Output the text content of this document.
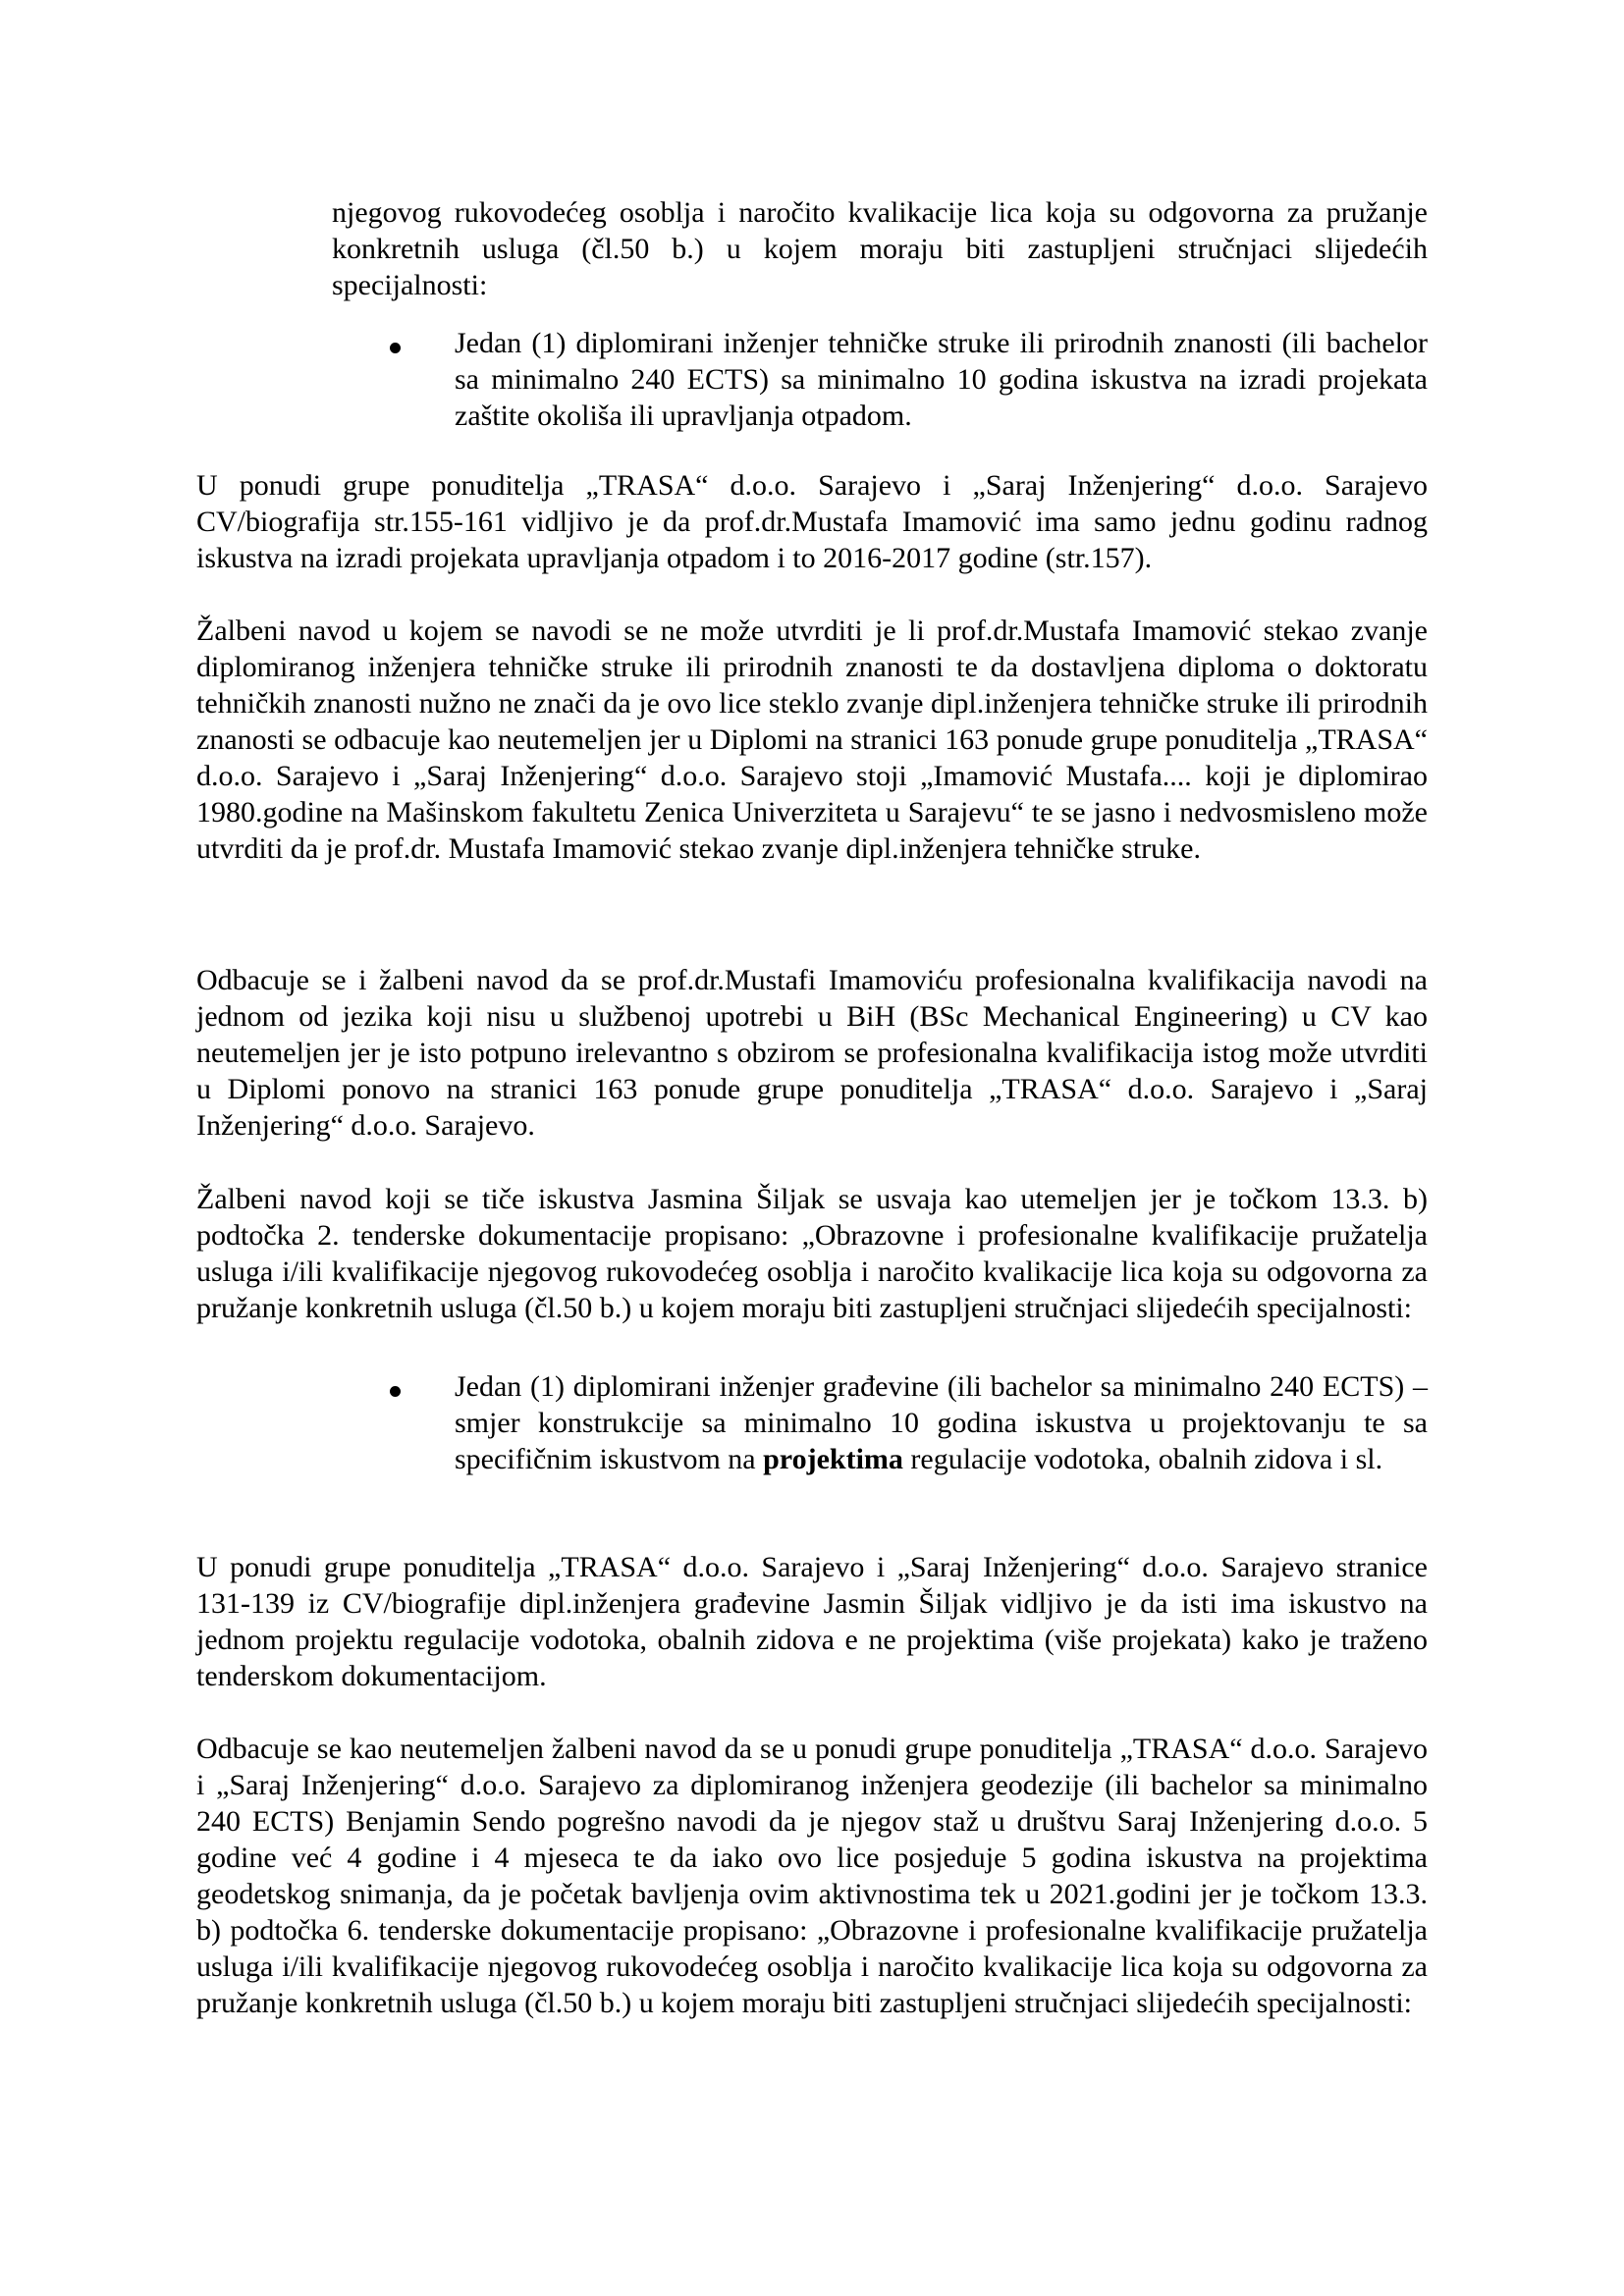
njegovog rukovodećeg osoblja i naročito kvalikacije lica koja su odgovorna za pružanje konkretnih usluga (čl.50 b.) u kojem moraju biti zastupljeni stručnjaci slijedećih specijalnosti:

Jedan (1) diplomirani inženjer tehničke struke ili prirodnih znanosti (ili bachelor sa minimalno 240 ECTS) sa minimalno 10 godina iskustva na izradi projekata zaštite okoliša ili upravljanja otpadom.

U ponudi grupe ponuditelja „TRASA“ d.o.o. Sarajevo i „Saraj Inženjering“ d.o.o. Sarajevo CV/biografija str.155-161 vidljivo je da prof.dr.Mustafa Imamović ima samo jednu godinu radnog iskustva na izradi projekata upravljanja otpadom i to 2016-2017 godine (str.157).

Žalbeni navod u kojem se navodi se ne može utvrditi je li prof.dr.Mustafa Imamović stekao zvanje diplomiranog inženjera tehničke struke ili prirodnih znanosti te da dostavljena diploma o doktoratu tehničkih znanosti nužno ne znači da je ovo lice steklo zvanje dipl.inženjera tehničke struke ili prirodnih znanosti se odbacuje kao neutemeljen jer u Diplomi na stranici 163 ponude grupe ponuditelja „TRASA“ d.o.o. Sarajevo i „Saraj Inženjering“ d.o.o. Sarajevo stoji „Imamović Mustafa.... koji je diplomirao 1980.godine na Mašinskom fakultetu Zenica Univerziteta u Sarajevu“ te se jasno i nedvosmisleno može utvrditi da je prof.dr. Mustafa Imamović stekao zvanje dipl.inženjera tehničke struke.

Odbacuje se i žalbeni navod da se prof.dr.Mustafi Imamoviću profesionalna kvalifikacija navodi na jednom od jezika koji nisu u službenoj upotrebi u BiH (BSc Mechanical Engineering) u CV kao neutemeljen jer je isto potpuno irelevantno s obzirom se profesionalna kvalifikacija istog može utvrditi u Diplomi ponovo na stranici 163 ponude grupe ponuditelja „TRASA“ d.o.o. Sarajevo i „Saraj Inženjering“ d.o.o. Sarajevo.

Žalbeni navod koji se tiče iskustva Jasmina Šiljak se usvaja kao utemeljen jer je točkom 13.3. b) podtočka 2. tenderske dokumentacije propisano: „Obrazovne i profesionalne kvalifikacije pružatelja usluga i/ili kvalifikacije njegovog rukovodećeg osoblja i naročito kvalikacije lica koja su odgovorna za pružanje konkretnih usluga (čl.50 b.) u kojem moraju biti zastupljeni stručnjaci slijedećih specijalnosti:

Jedan (1) diplomirani inženjer građevine (ili bachelor sa minimalno 240 ECTS) – smjer konstrukcije sa minimalno 10 godina iskustva u projektovanju te sa specifičnim iskustvom na projektima regulacije vodotoka, obalnih zidova i sl.

U ponudi grupe ponuditelja „TRASA“ d.o.o. Sarajevo i „Saraj Inženjering“ d.o.o. Sarajevo stranice 131-139 iz CV/biografije dipl.inženjera građevine Jasmin Šiljak vidljivo je da isti ima iskustvo na jednom projektu regulacije vodotoka, obalnih zidova e ne projektima (više projekata) kako je traženo tenderskom dokumentacijom.

Odbacuje se kao neutemeljen žalbeni navod da se u ponudi grupe ponuditelja „TRASA“ d.o.o. Sarajevo i „Saraj Inženjering“ d.o.o. Sarajevo za diplomiranog inženjera geodezije (ili bachelor sa minimalno 240 ECTS) Benjamin Sendo pogrešno navodi da je njegov staž u društvu Saraj Inženjering d.o.o. 5 godine već 4 godine i 4 mjeseca te da iako ovo lice posjeduje 5 godina iskustva na projektima geodetskog snimanja, da je početak bavljenja ovim aktivnostima tek u 2021.godini jer je točkom 13.3. b) podtočka 6. tenderske dokumentacije propisano: „Obrazovne i profesionalne kvalifikacije pružatelja usluga i/ili kvalifikacije njegovog rukovodećeg osoblja i naročito kvalikacije lica koja su odgovorna za pružanje konkretnih usluga (čl.50 b.) u kojem moraju biti zastupljeni stručnjaci slijedećih specijalnosti:
